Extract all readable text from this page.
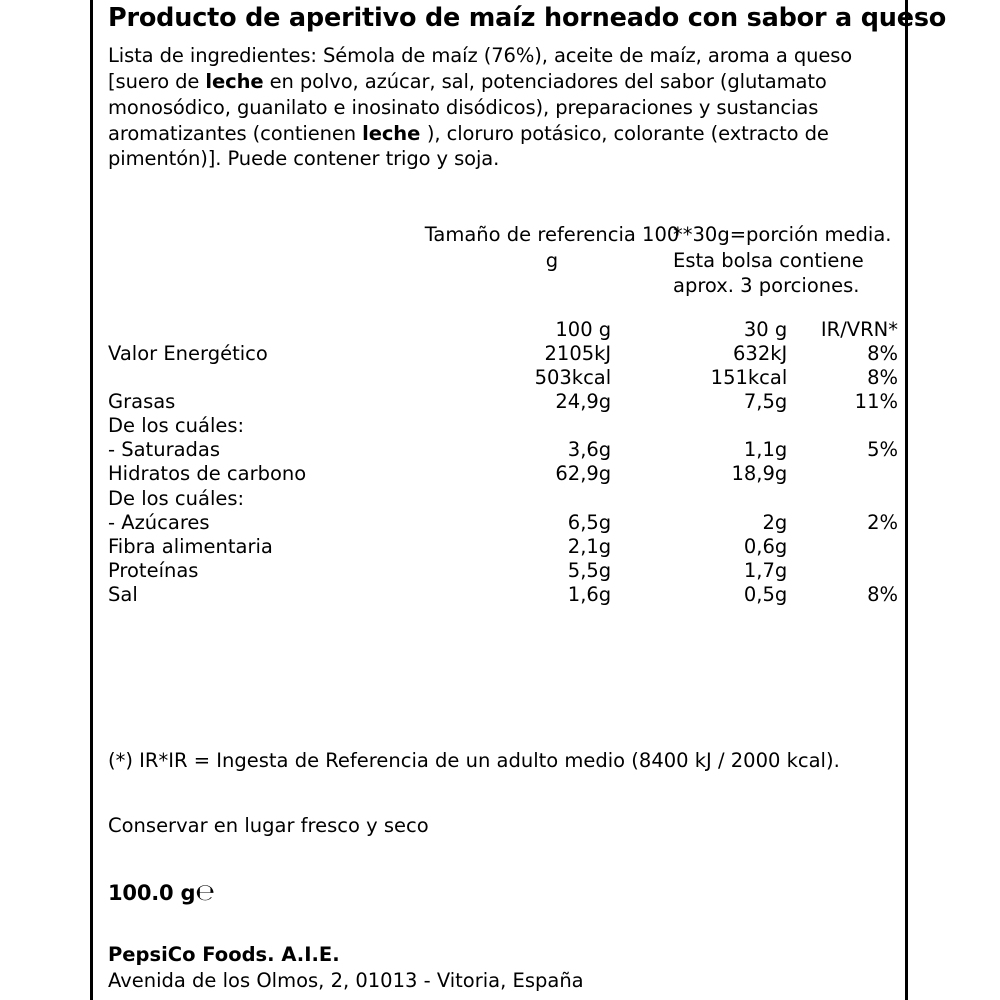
Producto de aperitivo de maíz horneado con sabor a queso
Lista de ingredientes: Sémola de maíz (76%), aceite de maíz, aroma a queso [suero de leche en polvo, azúcar, sal, potenciadores del sabor (glutamato monosódico, guanilato e inosinato disódicos), preparaciones y sustancias aromatizantes (contienen leche ), cloruro potásico, colorante (extracto de pimentón)]. Puede contener trigo y soja.
Tamaño de referencia 100 g
**30g=porción media. Esta bolsa contiene aprox. 3 porciones.
	100 g	30 g	IR/VRN*
Valor Energético	2105kJ	632kJ	8%
	503kcal	151kcal	8%
Grasas	24,9g	7,5g	11%
De los cuáles:			
- Saturadas	3,6g	1,1g	5%
Hidratos de carbono	62,9g	18,9g	
De los cuáles:			
- Azúcares	6,5g	2g	2%
Fibra alimentaria	2,1g	0,6g	
Proteínas	5,5g	1,7g	
Sal	1,6g	0,5g	8%

(*) IR*IR = Ingesta de Referencia de un adulto medio (8400 kJ / 2000 kcal).

Conservar en lugar fresco y seco

100.0 g℮

PepsiCo Foods. A.I.E.
Avenida de los Olmos, 2, 01013 - Vitoria, España
